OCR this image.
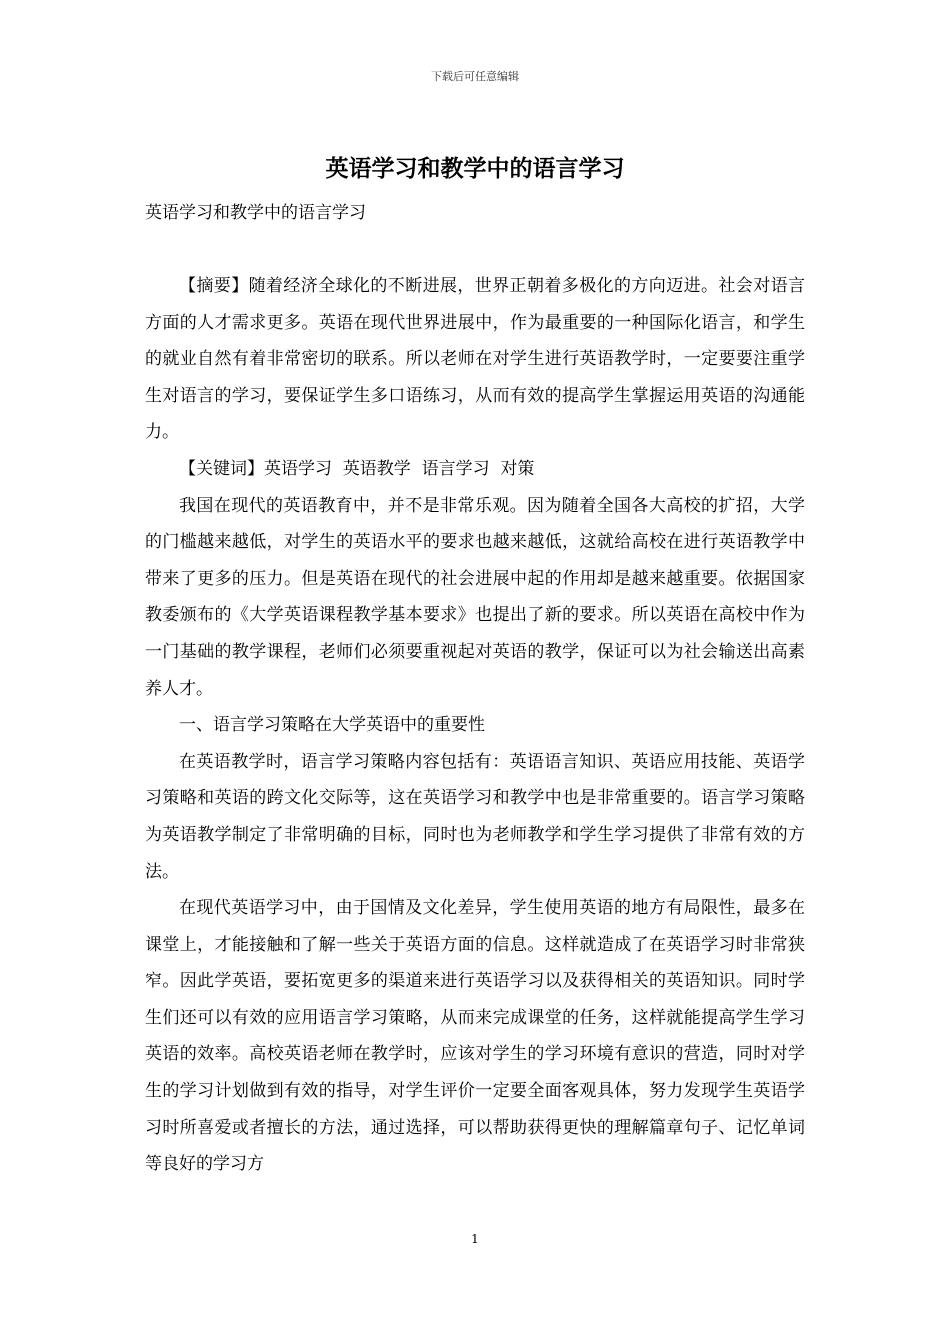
下载后可任意编辑
英语学习和教学中的语言学习
英语学习和教学中的语言学习

【摘要】随着经济全球化的不断进展，世界正朝着多极化的方向迈进。社会对语言方面的人才需求更多。英语在现代世界进展中，作为最重要的一种国际化语言，和学生的就业自然有着非常密切的联系。所以老师在对学生进行英语教学时，一定要要注重学生对语言的学习，要保证学生多口语练习，从而有效的提高学生掌握运用英语的沟通能力。

【关键词】英语学习  英语教学  语言学习  对策

我国在现代的英语教育中，并不是非常乐观。因为随着全国各大高校的扩招，大学的门槛越来越低，对学生的英语水平的要求也越来越低，这就给高校在进行英语教学中带来了更多的压力。但是英语在现代的社会进展中起的作用却是越来越重要。依据国家教委颁布的《大学英语课程教学基本要求》也提出了新的要求。所以英语在高校中作为一门基础的教学课程，老师们必须要重视起对英语的教学，保证可以为社会输送出高素养人才。

一、语言学习策略在大学英语中的重要性

在英语教学时，语言学习策略内容包括有：英语语言知识、英语应用技能、英语学习策略和英语的跨文化交际等，这在英语学习和教学中也是非常重要的。语言学习策略为英语教学制定了非常明确的目标，同时也为老师教学和学生学习提供了非常有效的方法。

在现代英语学习中，由于国情及文化差异，学生使用英语的地方有局限性，最多在课堂上，才能接触和了解一些关于英语方面的信息。这样就造成了在英语学习时非常狭窄。因此学英语，要拓宽更多的渠道来进行英语学习以及获得相关的英语知识。同时学生们还可以有效的应用语言学习策略，从而来完成课堂的任务，这样就能提高学生学习英语的效率。高校英语老师在教学时，应该对学生的学习环境有意识的营造，同时对学生的学习计划做到有效的指导，对学生评价一定要全面客观具体，努力发现学生英语学习时所喜爱或者擅长的方法，通过选择，可以帮助获得更快的理解篇章句子、记忆单词等良好的学习方

1
